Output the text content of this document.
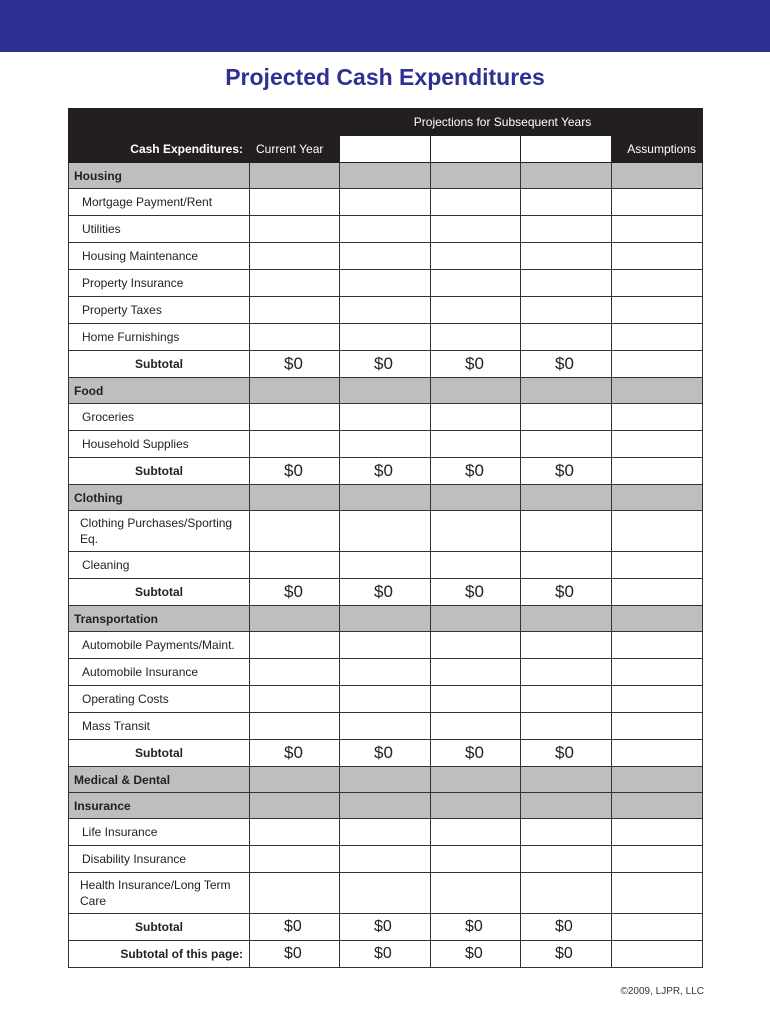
Projected Cash Expenditures
		Projections for Subsequent Years			
Cash Expenditures:	Current Year				Assumptions
Housing					
Mortgage Payment/Rent					
Utilities					
Housing Maintenance					
Property Insurance					
Property Taxes					
Home Furnishings					
Subtotal	$0	$0	$0	$0	
Food					
Groceries					
Household Supplies					
Subtotal	$0	$0	$0	$0	
Clothing					
Clothing Purchases/Sporting Eq.					
Cleaning					
Subtotal	$0	$0	$0	$0	
Transportation					
Automobile Payments/Maint.					
Automobile Insurance					
Operating Costs					
Mass Transit					
Subtotal	$0	$0	$0	$0	
Medical & Dental					
Insurance					
Life Insurance					
Disability Insurance					
Health Insurance/Long Term Care					
Subtotal	$0	$0	$0	$0	
Subtotal of this page:	$0	$0	$0	$0	
©2009, LJPR, LLC
